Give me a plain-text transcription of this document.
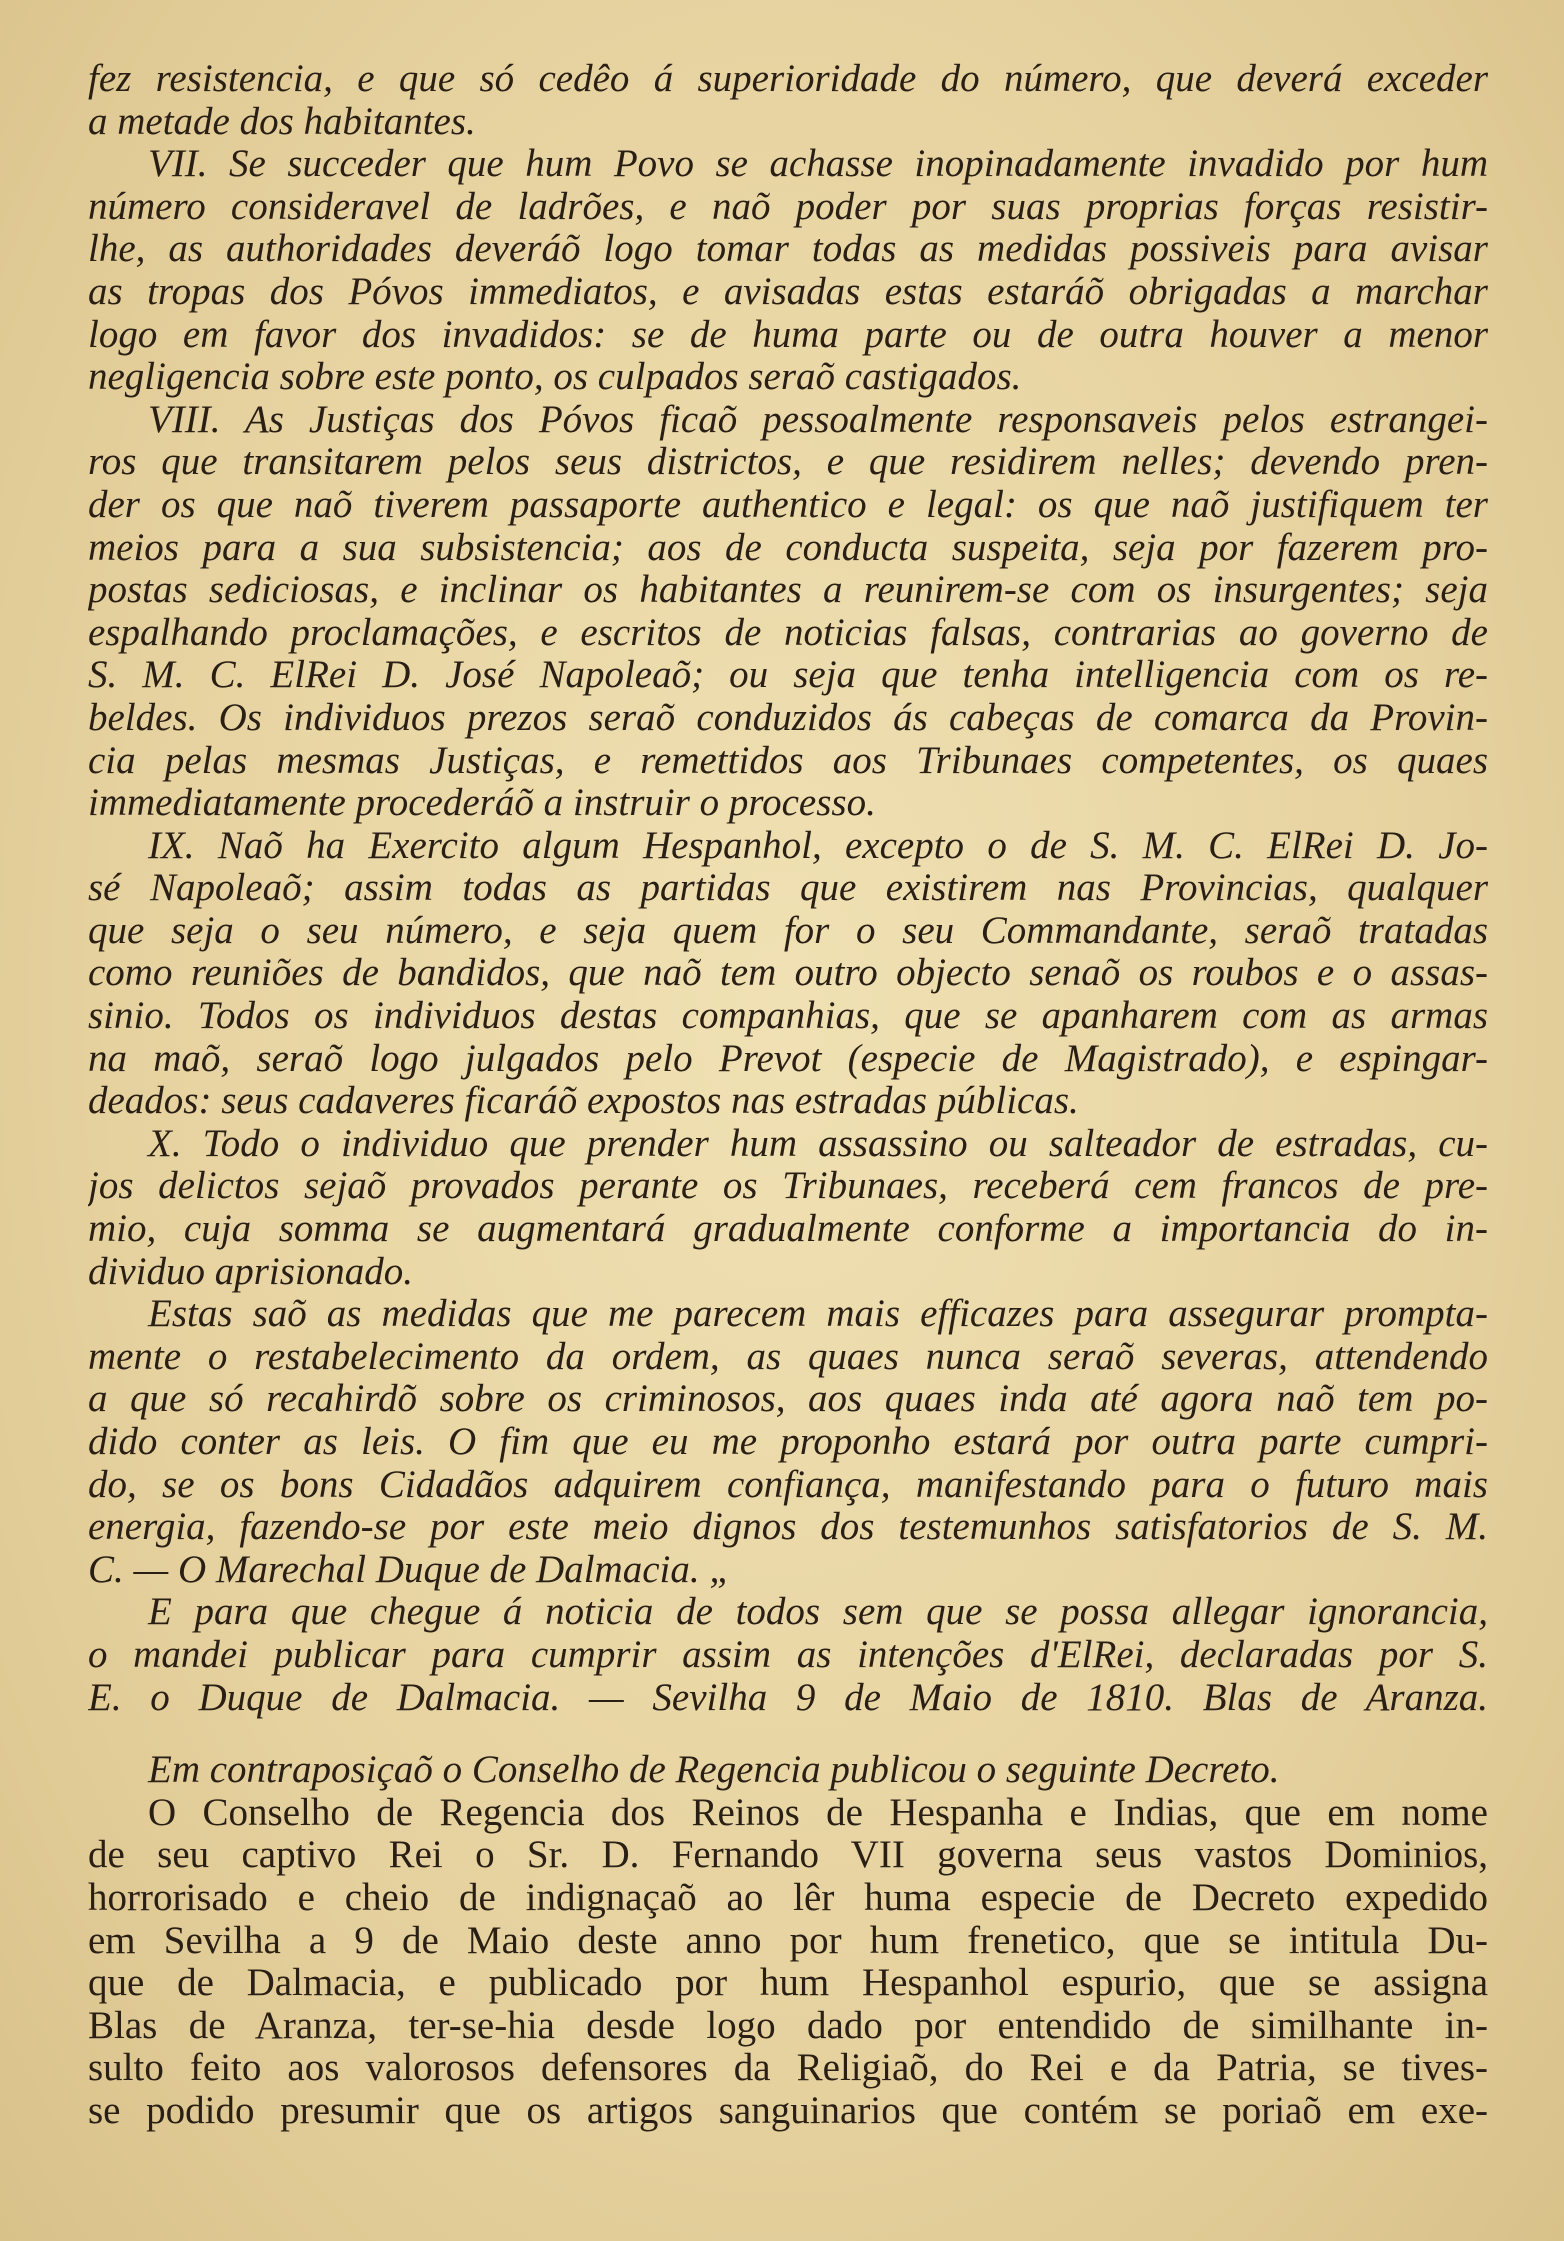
fez resistencia, e que só cedêo á superioridade do número, que deverá exceder
a metade dos habitantes.
VII. Se succeder que hum Povo se achasse inopinadamente invadido por hum
número consideravel de ladrões, e naõ poder por suas proprias forças resistir-
lhe, as authoridades deveráõ logo tomar todas as medidas possiveis para avisar
as tropas dos Póvos immediatos, e avisadas estas estaráõ obrigadas a marchar
logo em favor dos invadidos: se de huma parte ou de outra houver a menor
negligencia sobre este ponto, os culpados seraõ castigados.
VIII. As Justiças dos Póvos ficaõ pessoalmente responsaveis pelos estrangei-
ros que transitarem pelos seus districtos, e que residirem nelles; devendo pren-
der os que naõ tiverem passaporte authentico e legal: os que naõ justifiquem ter
meios para a sua subsistencia; aos de conducta suspeita, seja por fazerem pro-
postas sediciosas, e inclinar os habitantes a reunirem-se com os insurgentes; seja
espalhando proclamações, e escritos de noticias falsas, contrarias ao governo de
S. M. C. ElRei D. José Napoleaõ; ou seja que tenha intelligencia com os re-
beldes. Os individuos prezos seraõ conduzidos ás cabeças de comarca da Provin-
cia pelas mesmas Justiças, e remettidos aos Tribunaes competentes, os quaes
immediatamente procederáõ a instruir o processo.
IX. Naõ ha Exercito algum Hespanhol, excepto o de S. M. C. ElRei D. Jo-
sé Napoleaõ; assim todas as partidas que existirem nas Provincias, qualquer
que seja o seu número, e seja quem for o seu Commandante, seraõ tratadas
como reuniões de bandidos, que naõ tem outro objecto senaõ os roubos e o assas-
sinio. Todos os individuos destas companhias, que se apanharem com as armas
na maõ, seraõ logo julgados pelo Prevot (especie de Magistrado), e espingar-
deados: seus cadaveres ficaráõ expostos nas estradas públicas.
X. Todo o individuo que prender hum assassino ou salteador de estradas, cu-
jos delictos sejaõ provados perante os Tribunaes, receberá cem francos de pre-
mio, cuja somma se augmentará gradualmente conforme a importancia do in-
dividuo aprisionado.
Estas saõ as medidas que me parecem mais efficazes para assegurar prompta-
mente o restabelecimento da ordem, as quaes nunca seraõ severas, attendendo
a que só recahirdõ sobre os criminosos, aos quaes inda até agora naõ tem po-
dido conter as leis. O fim que eu me proponho estará por outra parte cumpri-
do, se os bons Cidadãos adquirem confiança, manifestando para o futuro mais
energia, fazendo-se por este meio dignos dos testemunhos satisfatorios de S. M.
C. — O Marechal Duque de Dalmacia. „
E para que chegue á noticia de todos sem que se possa allegar ignorancia,
o mandei publicar para cumprir assim as intenções d'ElRei, declaradas por S.
E. o Duque de Dalmacia. — Sevilha 9 de Maio de 1810. Blas de Aranza.
Em contraposiçaõ o Conselho de Regencia publicou o seguinte Decreto.
O Conselho de Regencia dos Reinos de Hespanha e Indias, que em nome
de seu captivo Rei o Sr. D. Fernando VII governa seus vastos Dominios,
horrorisado e cheio de indignaçaõ ao lêr huma especie de Decreto expedido
em Sevilha a 9 de Maio deste anno por hum frenetico, que se intitula Du-
que de Dalmacia, e publicado por hum Hespanhol espurio, que se assigna
Blas de Aranza, ter-se-hia desde logo dado por entendido de similhante in-
sulto feito aos valorosos defensores da Religiaõ, do Rei e da Patria, se tives-
se podido presumir que os artigos sanguinarios que contém se poriaõ em exe-
